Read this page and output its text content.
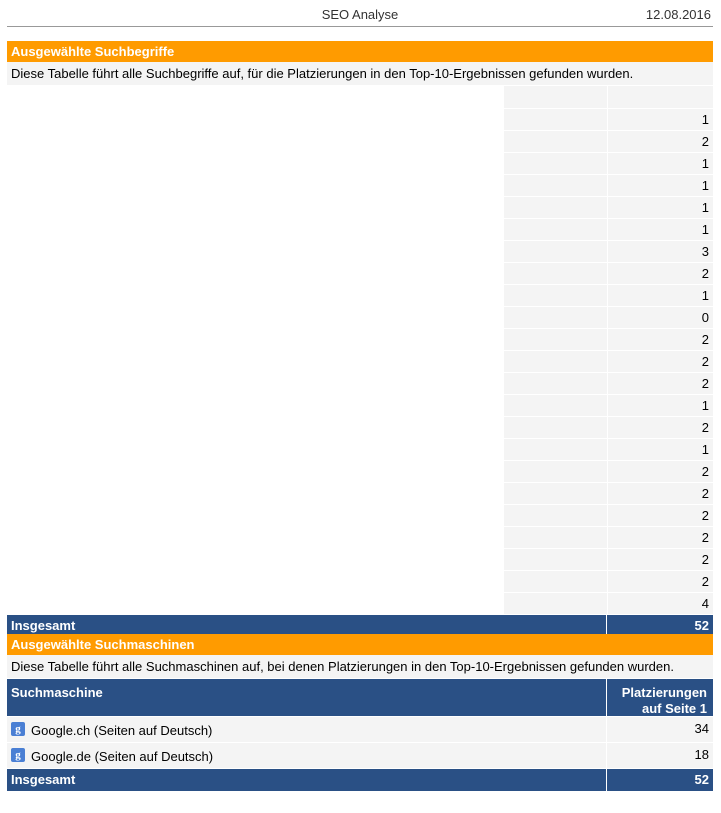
SEO Analyse	12.08.2016
Ausgewählte Suchbegriffe
Diese Tabelle führt alle Suchbegriffe auf, für die Platzierungen in den Top-10-Ergebnissen gefunden wurden.

		1
		2
		1
		1
		1
		1
		3
		2
		1
		0
		2
		2
		2
		1
		2
		1
		2
		2
		2
		2
		2
		2
		4
Insgesamt	52
Ausgewählte Suchmaschinen
Diese Tabelle führt alle Suchmaschinen auf, bei denen Platzierungen in den Top-10-Ergebnissen gefunden wurden.
Suchmaschine	Platzierungen auf Seite 1
g Google.ch (Seiten auf Deutsch)	34
g Google.de (Seiten auf Deutsch)	18
Insgesamt	52
